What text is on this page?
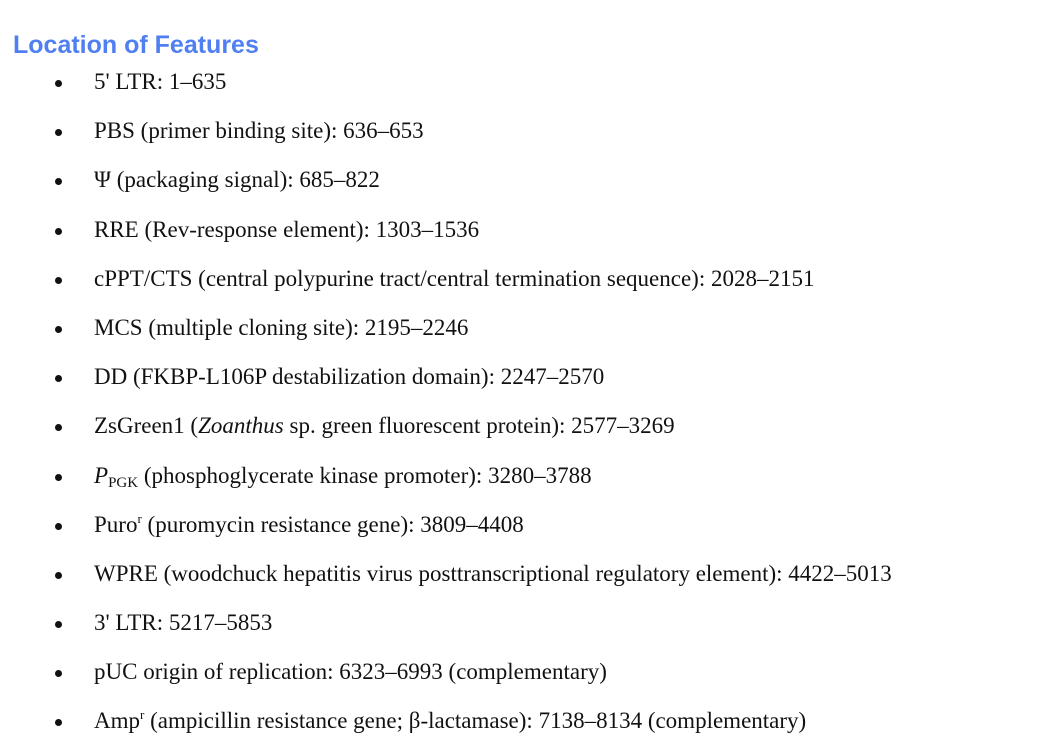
Location of Features
5' LTR: 1–635
PBS (primer binding site): 636–653
Ψ (packaging signal): 685–822
RRE (Rev-response element): 1303–1536
cPPT/CTS (central polypurine tract/central termination sequence): 2028–2151
MCS (multiple cloning site): 2195–2246
DD (FKBP-L106P destabilization domain): 2247–2570
ZsGreen1 (Zoanthus sp. green fluorescent protein): 2577–3269
$P_{PGK}$ (phosphoglycerate kinase promoter): 3280–3788
Puro$^r$ (puromycin resistance gene): 3809–4408
WPRE (woodchuck hepatitis virus posttranscriptional regulatory element): 4422–5013
3' LTR: 5217–5853
pUC origin of replication: 6323–6993 (complementary)
Amp$^r$ (ampicillin resistance gene; β-lactamase): 7138–8134 (complementary)
